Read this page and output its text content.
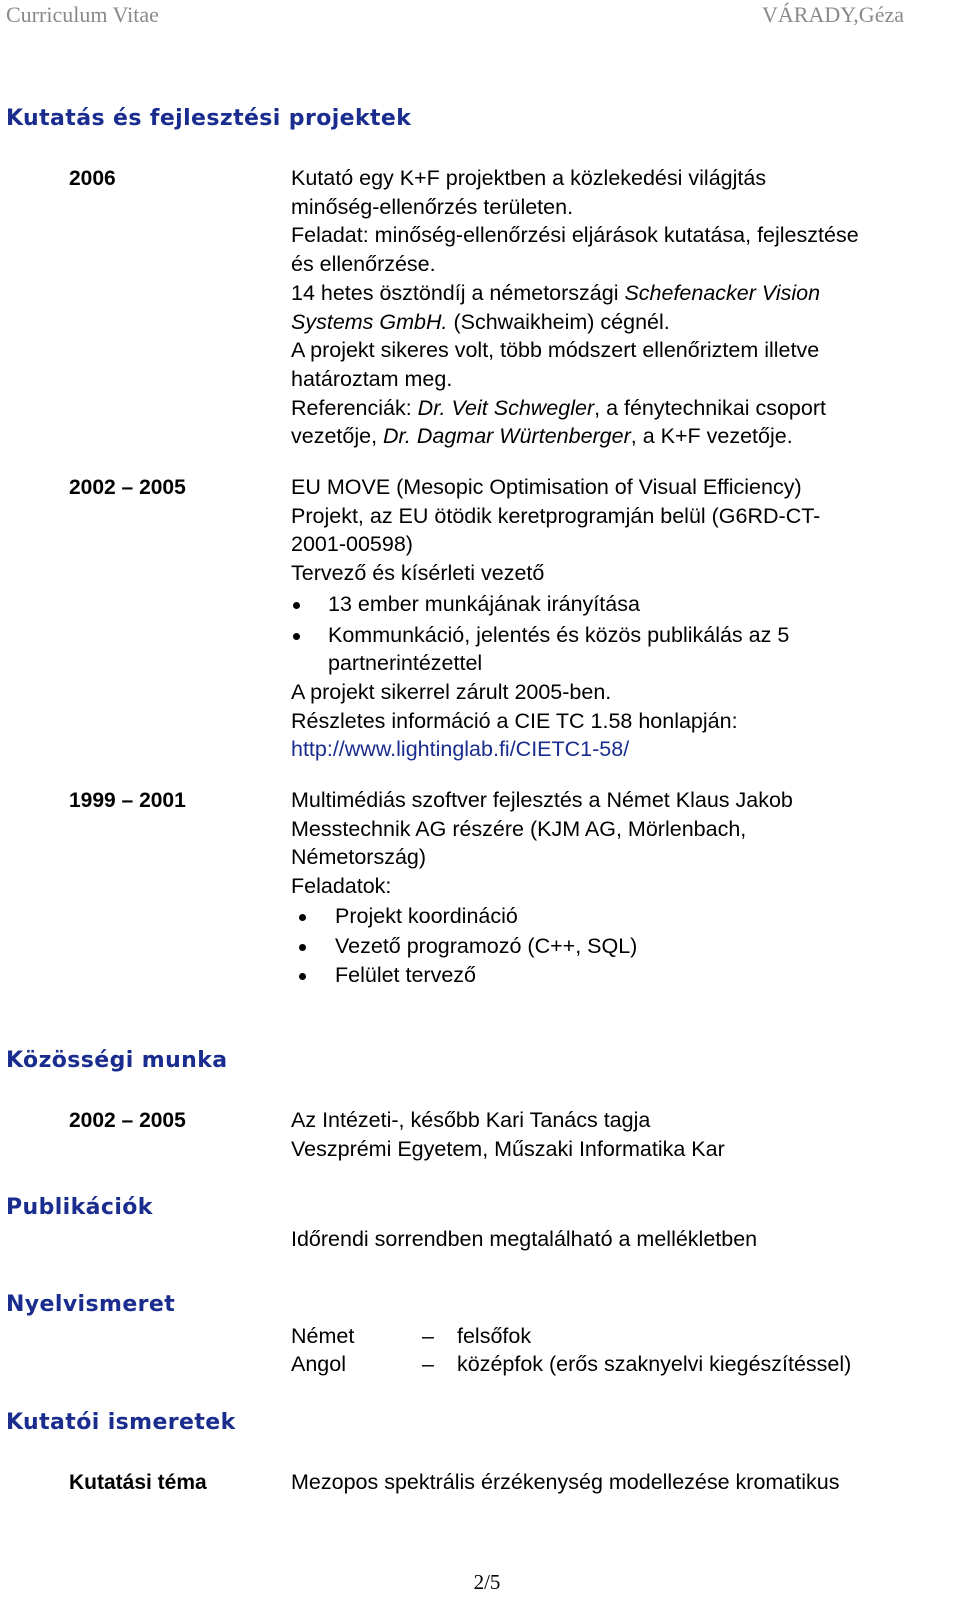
Curriculum Vitae	VÁRADY,Géza
Kutatás és fejlesztési projektek
2006	Kutató egy K+F projektben a közlekedési világjtás
minőség-ellenőrzés területen.
Feladat: minőség-ellenőrzési eljárások kutatása, fejlesztése
és ellenőrzése.
14 hetes ösztöndíj a németországi Schefenacker Vision
Systems GmbH. (Schwaikheim) cégnél.
A projekt sikeres volt, több módszert ellenőriztem illetve
határoztam meg.
Referenciák: Dr. Veit Schwegler, a fénytechnikai csoport
vezetője, Dr. Dagmar Würtenberger, a K+F vezetője.
2002 – 2005	EU MOVE (Mesopic Optimisation of Visual Efficiency)
Projekt, az EU ötödik keretprogramján belül (G6RD-CT-
2001-00598)
Tervező és kísérleti vezető
13 ember munkájának irányítása
Kommunkáció, jelentés és közös publikálás az 5
partnerintézettel
A projekt sikerrel zárult 2005-ben.
Részletes információ a CIE TC 1.58 honlapján:
http://www.lightinglab.fi/CIETC1-58/
1999 – 2001	Multimédiás szoftver fejlesztés a Német Klaus Jakob
Messtechnik AG részére (KJM AG, Mörlenbach,
Németország)
Feladatok:
Projekt koordináció
Vezető programozó (C++, SQL)
Felület tervező
Közösségi munka
2002 – 2005	Az Intézeti-, később Kari Tanács tagja
Veszprémi Egyetem, Műszaki Informatika Kar
Publikációk
Időrendi sorrendben megtalálható a mellékletben
Nyelvismeret
Német	– felsőfok
Angol	– középfok (erős szaknyelvi kiegészítéssel)
Kutatói ismeretek
Kutatási téma	Mezopos spektrális érzékenység modellezése kromatikus
2/5
